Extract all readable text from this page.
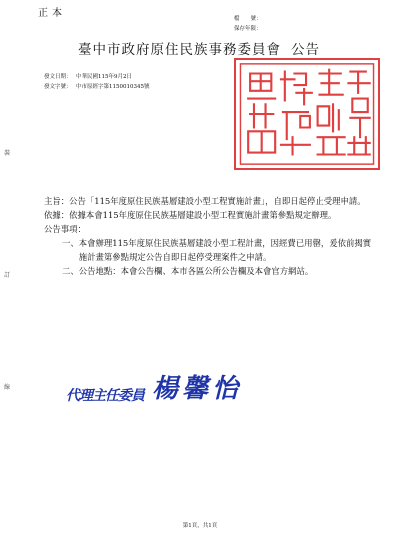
正本	檔　　號：
保存年限：
臺中市政府原住民族事務委員會 公告
發文日期： 中華民國115年9月2日
發文字號： 中市原經字第1150010345號
裝
訂
線
主旨： 公告「115年度原住民族基層建設小型工程實施計畫」，自即日起停止受理申請。
依據： 依據本會115年度原住民族基層建設小型工程實施計畫第參點規定辦理。
公告事項：
一、 本會辦理115年度原住民族基層建設小型工程計畫，因經費已用罄，爰依前揭實施計畫第參點規定公告自即日起停受理案件之申請。
二、 公告地點：本會公告欄、本市各區公所公告欄及本會官方網站。
代理主任委員 楊馨怡
第1頁，共1頁
